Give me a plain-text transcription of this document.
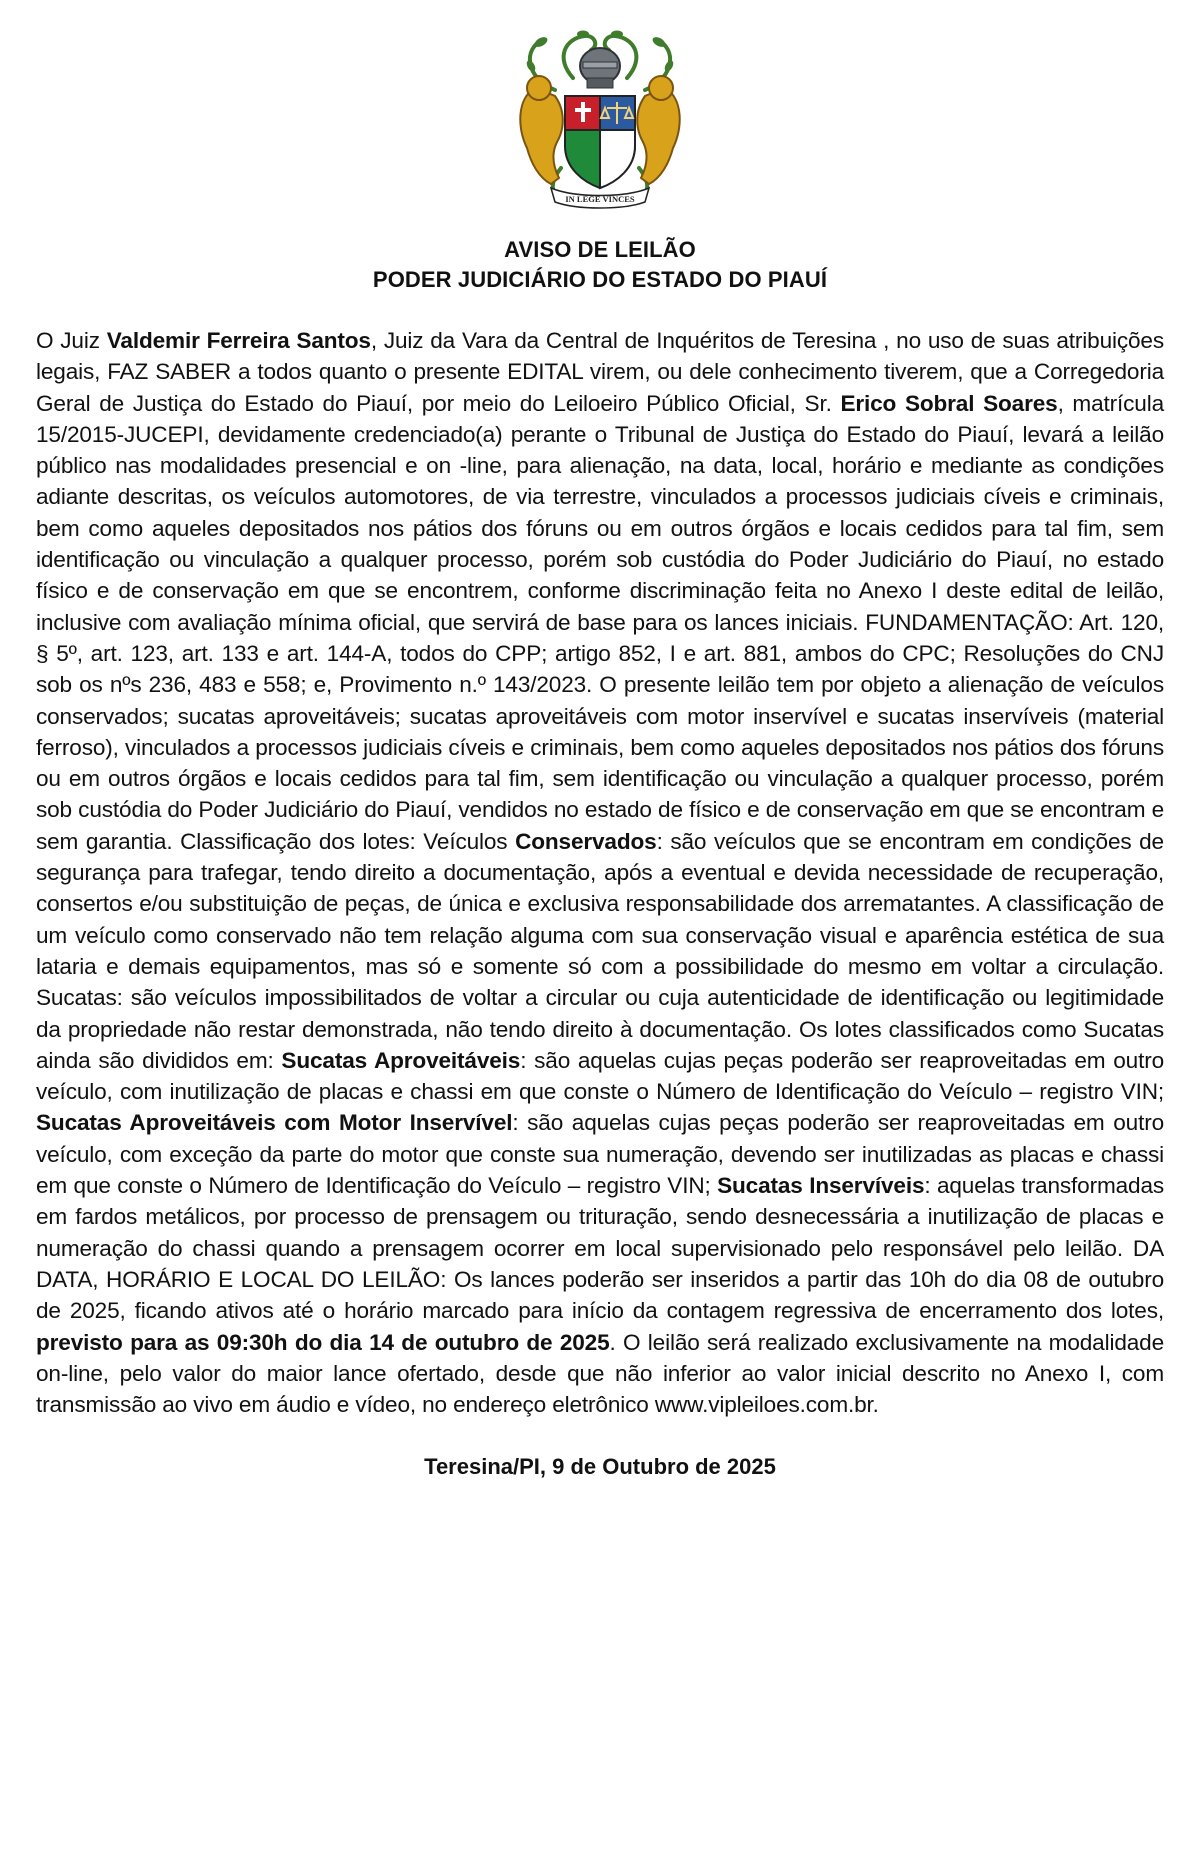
IN LEGE VINCES
AVISO DE LEILÃO
PODER JUDICIÁRIO DO ESTADO DO PIAUÍ
O Juiz Valdemir Ferreira Santos, Juiz da Vara da Central de Inquéritos de Teresina , no uso de suas atribuições legais, FAZ SABER a todos quanto o presente EDITAL virem, ou dele conhecimento tiverem, que a Corregedoria Geral de Justiça do Estado do Piauí, por meio do Leiloeiro Público Oficial, Sr. Erico Sobral Soares, matrícula 15/2015-JUCEPI, devidamente credenciado(a) perante o Tribunal de Justiça do Estado do Piauí, levará a leilão público nas modalidades presencial e on -line, para alienação, na data, local, horário e mediante as condições adiante descritas, os veículos automotores, de via terrestre, vinculados a processos judiciais cíveis e criminais, bem como aqueles depositados nos pátios dos fóruns ou em outros órgãos e locais cedidos para tal fim, sem identificação ou vinculação a qualquer processo, porém sob custódia do Poder Judiciário do Piauí, no estado físico e de conservação em que se encontrem, conforme discriminação feita no Anexo I deste edital de leilão, inclusive com avaliação mínima oficial, que servirá de base para os lances iniciais. FUNDAMENTAÇÃO: Art. 120, § 5º, art. 123, art. 133 e art. 144-A, todos do CPP; artigo 852, I e art. 881, ambos do CPC; Resoluções do CNJ sob os nºs 236, 483 e 558; e, Provimento n.º 143/2023. O presente leilão tem por objeto a alienação de veículos conservados; sucatas aproveitáveis; sucatas aproveitáveis com motor inservível e sucatas inservíveis (material ferroso), vinculados a processos judiciais cíveis e criminais, bem como aqueles depositados nos pátios dos fóruns ou em outros órgãos e locais cedidos para tal fim, sem identificação ou vinculação a qualquer processo, porém sob custódia do Poder Judiciário do Piauí, vendidos no estado de físico e de conservação em que se encontram e sem garantia. Classificação dos lotes: Veículos Conservados: são veículos que se encontram em condições de segurança para trafegar, tendo direito a documentação, após a eventual e devida necessidade de recuperação, consertos e/ou substituição de peças, de única e exclusiva responsabilidade dos arrematantes. A classificação de um veículo como conservado não tem relação alguma com sua conservação visual e aparência estética de sua lataria e demais equipamentos, mas só e somente só com a possibilidade do mesmo em voltar a circulação. Sucatas: são veículos impossibilitados de voltar a circular ou cuja autenticidade de identificação ou legitimidade da propriedade não restar demonstrada, não tendo direito à documentação. Os lotes classificados como Sucatas ainda são divididos em: Sucatas Aproveitáveis: são aquelas cujas peças poderão ser reaproveitadas em outro veículo, com inutilização de placas e chassi em que conste o Número de Identificação do Veículo – registro VIN; Sucatas Aproveitáveis com Motor Inservível: são aquelas cujas peças poderão ser reaproveitadas em outro veículo, com exceção da parte do motor que conste sua numeração, devendo ser inutilizadas as placas e chassi em que conste o Número de Identificação do Veículo – registro VIN; Sucatas Inservíveis: aquelas transformadas em fardos metálicos, por processo de prensagem ou trituração, sendo desnecessária a inutilização de placas e numeração do chassi quando a prensagem ocorrer em local supervisionado pelo responsável pelo leilão. DA DATA, HORÁRIO E LOCAL DO LEILÃO: Os lances poderão ser inseridos a partir das 10h do dia 08 de outubro de 2025, ficando ativos até o horário marcado para início da contagem regressiva de encerramento dos lotes, previsto para as 09:30h do dia 14 de outubro de 2025. O leilão será realizado exclusivamente na modalidade on-line, pelo valor do maior lance ofertado, desde que não inferior ao valor inicial descrito no Anexo I, com transmissão ao vivo em áudio e vídeo, no endereço eletrônico www.vipleiloes.com.br.
Teresina/PI, 9 de Outubro de 2025
